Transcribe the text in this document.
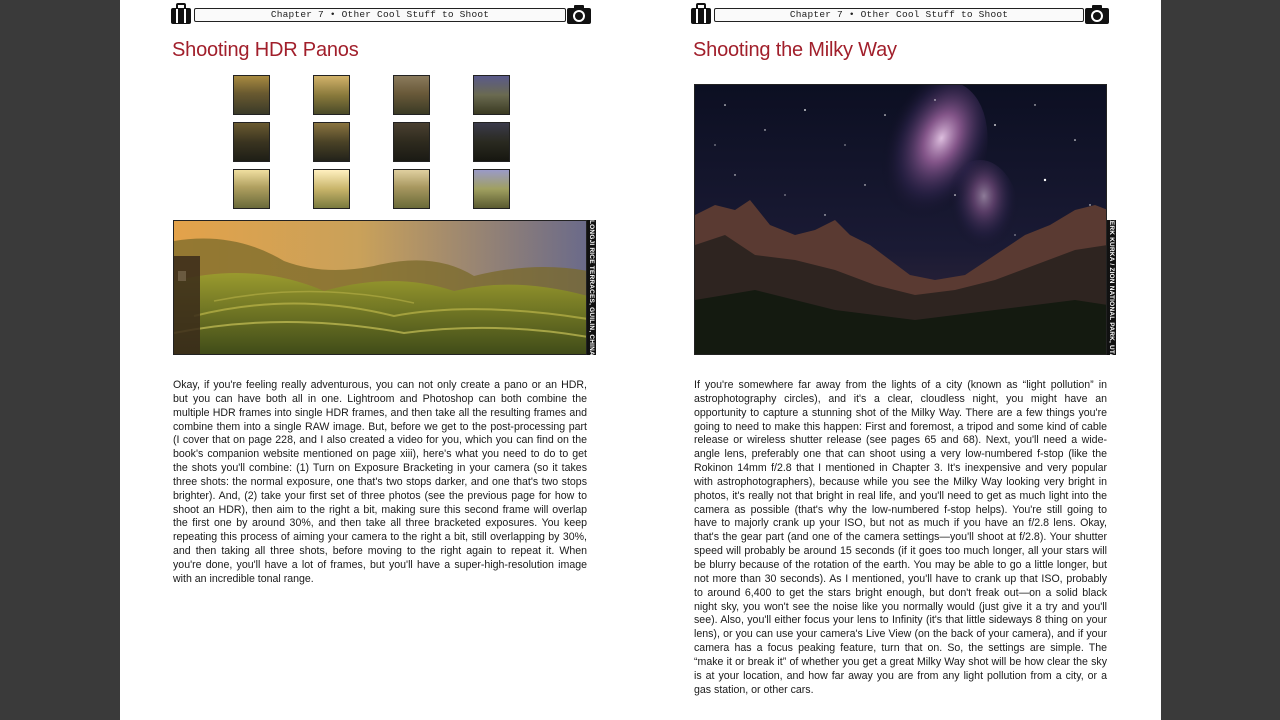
Chapter 7 • Other Cool Stuff to Shoot
Shooting HDR Panos
LONGJI RICE TERRACES, GUILIN, CHINA

Okay, if you're feeling really adventurous, you can not only create a pano or an HDR, but you can have both all in one. Lightroom and Photoshop can both combine the multiple HDR frames into single HDR frames, and then take all the resulting frames and combine them into a single RAW image. But, before we get to the post-processing part (I cover that on page 228, and I also created a video for you, which you can find on the book's companion website mentioned on page xiii), here's what you need to do to get the shots you'll combine: (1) Turn on Exposure Bracketing in your camera (so it takes three shots: the normal exposure, one that's two stops darker, and one that's two stops brighter). And, (2) take your first set of three photos (see the previous page for how to shoot an HDR), then aim to the right a bit, making sure this second frame will overlap the first one by around 30%, and then take all three bracketed exposures. You keep repeating this process of aiming your camera to the right a bit, still overlapping by 30%, and then taking all three shots, before moving to the right again to repeat it. When you're done, you'll have a lot of frames, but you'll have a super-high-resolution image with an incredible tonal range.

Chapter 7 • Other Cool Stuff to Shoot
Shooting the Milky Way
GEERK KURKA / ZION NATIONAL PARK, UTAH

If you're somewhere far away from the lights of a city (known as “light pollution” in astrophotography circles), and it's a clear, cloudless night, you might have an opportunity to capture a stunning shot of the Milky Way. There are a few things you're going to need to make this happen: First and foremost, a tripod and some kind of cable release or wireless shutter release (see pages 65 and 68). Next, you'll need a wide-angle lens, preferably one that can shoot using a very low-numbered f-stop (like the Rokinon 14mm f/2.8 that I mentioned in Chapter 3. It's inexpensive and very popular with astrophotographers), because while you see the Milky Way looking very bright in photos, it's really not that bright in real life, and you'll need to get as much light into the camera as possible (that's why the low-numbered f-stop helps). You're still going to have to majorly crank up your ISO, but not as much if you have an f/2.8 lens. Okay, that's the gear part (and one of the camera settings—you'll shoot at f/2.8). Your shutter speed will probably be around 15 seconds (if it goes too much longer, all your stars will be blurry because of the rotation of the earth. You may be able to go a little longer, but not more than 30 seconds). As I mentioned, you'll have to crank up that ISO, probably to around 6,400 to get the stars bright enough, but don't freak out—on a solid black night sky, you won't see the noise like you normally would (just give it a try and you'll see). Also, you'll either focus your lens to Infinity (it's that little sideways 8 thing on your lens), or you can use your camera's Live View (on the back of your camera), and if your camera has a focus peaking feature, turn that on. So, the settings are simple. The “make it or break it” of whether you get a great Milky Way shot will be how clear the sky is at your location, and how far away you are from any light pollution from a city, or a gas station, or other cars.
